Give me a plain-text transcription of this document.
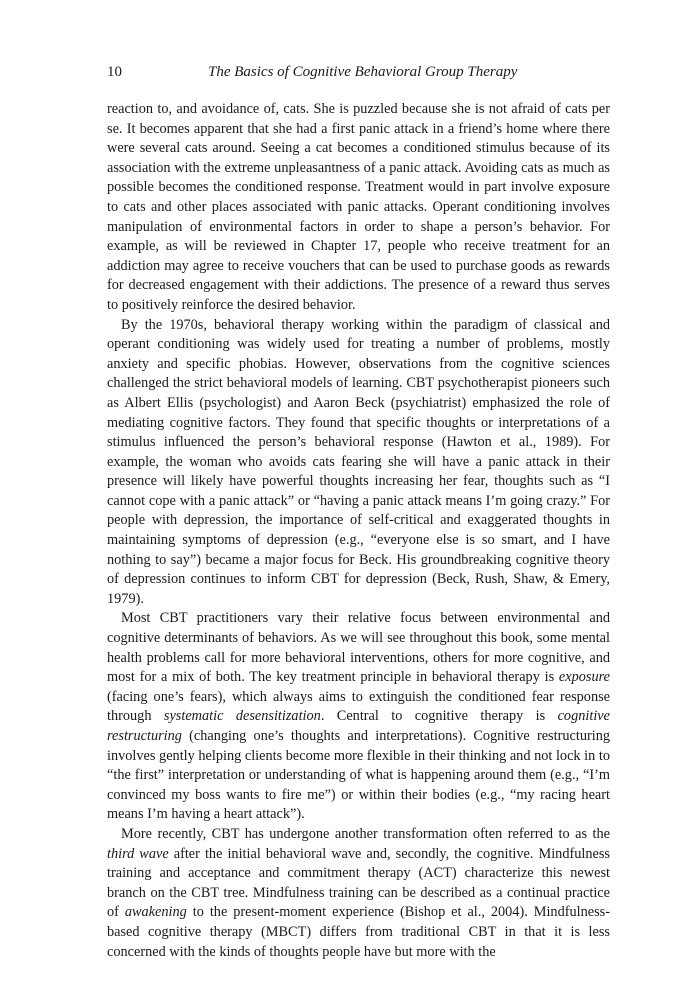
10	The Basics of Cognitive Behavioral Group Therapy

reaction to, and avoidance of, cats. She is puzzled because she is not afraid of cats per se. It becomes apparent that she had a first panic attack in a friend’s home where there were several cats around. Seeing a cat becomes a conditioned stimulus because of its association with the extreme unpleasantness of a panic attack. Avoiding cats as much as possible becomes the conditioned response. Treatment would in part involve exposure to cats and other places associated with panic attacks. Operant conditioning involves manipulation of environmental factors in order to shape a person’s behavior. For example, as will be reviewed in Chapter 17, people who receive treatment for an addiction may agree to receive vouchers that can be used to purchase goods as rewards for decreased engagement with their addictions. The presence of a reward thus serves to positively reinforce the desired behavior.

By the 1970s, behavioral therapy working within the paradigm of classical and operant conditioning was widely used for treating a number of problems, mostly anxiety and specific phobias. However, observations from the cognitive sciences challenged the strict behavioral models of learning. CBT psychotherapist pioneers such as Albert Ellis (psychologist) and Aaron Beck (psychiatrist) emphasized the role of mediating cognitive factors. They found that specific thoughts or interpretations of a stimulus influenced the person’s behavioral response (Hawton et al., 1989). For example, the woman who avoids cats fearing she will have a panic attack in their presence will likely have powerful thoughts increasing her fear, thoughts such as “I cannot cope with a panic attack” or “having a panic attack means I’m going crazy.” For people with depression, the importance of self-critical and exaggerated thoughts in maintaining symptoms of depression (e.g., “everyone else is so smart, and I have nothing to say”) became a major focus for Beck. His groundbreaking cognitive theory of depression continues to inform CBT for depression (Beck, Rush, Shaw, & Emery, 1979).

Most CBT practitioners vary their relative focus between environmental and cognitive determinants of behaviors. As we will see throughout this book, some mental health problems call for more behavioral interventions, others for more cognitive, and most for a mix of both. The key treatment principle in behavioral therapy is exposure (facing one’s fears), which always aims to extinguish the conditioned fear response through systematic desensitization. Central to cognitive therapy is cognitive restructuring (changing one’s thoughts and interpretations). Cognitive restructuring involves gently helping clients become more flexible in their thinking and not lock in to “the first” interpretation or understanding of what is happening around them (e.g., “I’m convinced my boss wants to fire me”) or within their bodies (e.g., “my racing heart means I’m having a heart attack”).

More recently, CBT has undergone another transformation often referred to as the third wave after the initial behavioral wave and, secondly, the cognitive. Mindfulness training and acceptance and commitment therapy (ACT) characterize this newest branch on the CBT tree. Mindfulness training can be described as a continual practice of awakening to the present-moment experience (Bishop et al., 2004). Mindfulness-based cognitive therapy (MBCT) differs from traditional CBT in that it is less concerned with the kinds of thoughts people have but more with the
